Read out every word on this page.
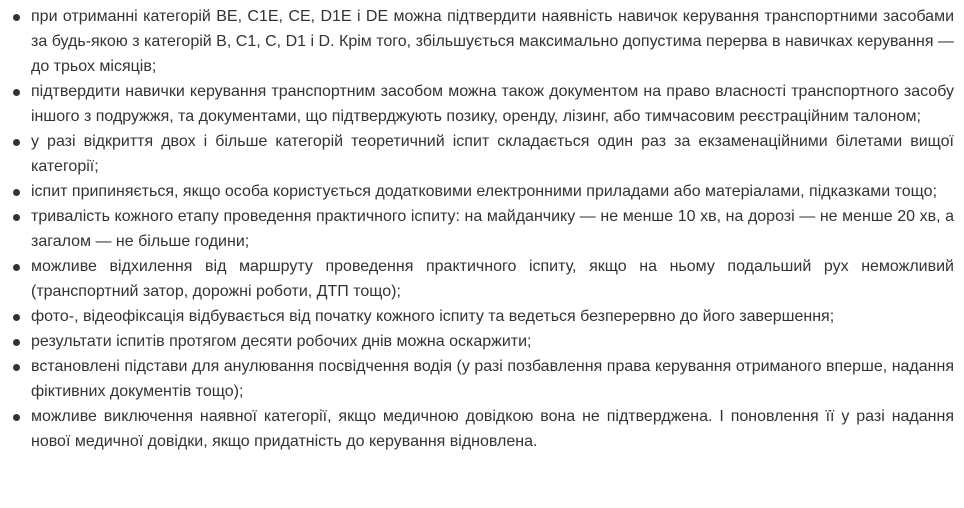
при отриманні категорій BE, C1E, CE, D1E і DE можна підтвердити наявність навичок керування транспортними засобами за будь-якою з категорій B, C1, C, D1 і D. Крім того, збільшується максимально допустима перерва в навичках керування — до трьох місяців;
підтвердити навички керування транспортним засобом можна також документом на право власності транспортного засобу іншого з подружжя, та документами, що підтверджують позику, оренду, лізинг, або тимчасовим реєстраційним талоном;
у разі відкриття двох і більше категорій теоретичний іспит складається один раз за екзаменаційними білетами вищої категорії;
іспит припиняється, якщо особа користується додатковими електронними приладами або матеріалами, підказками тощо;
тривалість кожного етапу проведення практичного іспиту: на майданчику — не менше 10 хв, на дорозі — не менше 20 хв, а загалом — не більше години;
можливе відхилення від маршруту проведення практичного іспиту, якщо на ньому подальший рух неможливий (транспортний затор, дорожні роботи, ДТП тощо);
фото-, відеофіксація відбувається від початку кожного іспиту та ведеться безперервно до його завершення;
результати іспитів протягом десяти робочих днів можна оскаржити;
встановлені підстави для анулювання посвідчення водія (у разі позбавлення права керування отриманого вперше, надання фіктивних документів тощо);
можливе виключення наявної категорії, якщо медичною довідкою вона не підтверджена. І поновлення її у разі надання нової медичної довідки, якщо придатність до керування відновлена.
